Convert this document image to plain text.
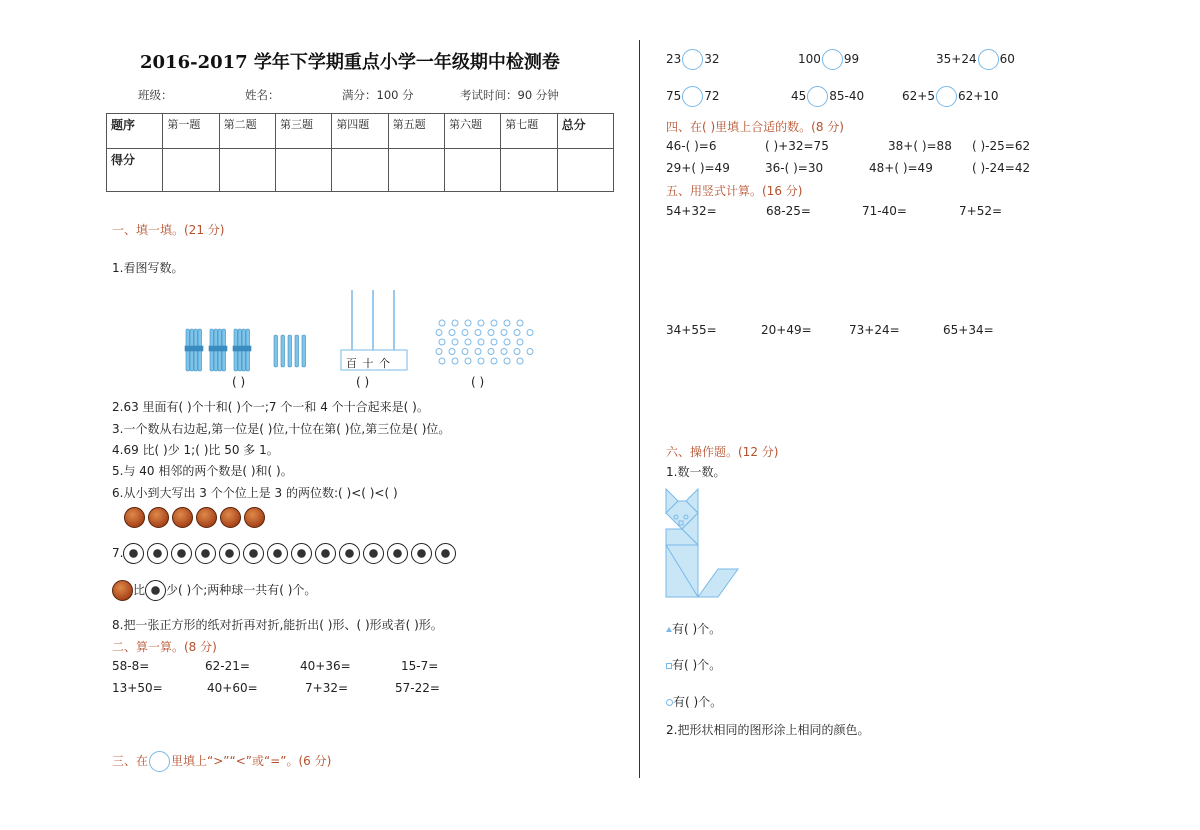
2016-2017 学年下学期重点小学一年级期中检测卷
班级：	姓名：	满分：100 分	考试时间：90 分钟
题序	第一题	第二题	第三题	第四题	第五题	第六题	第七题	总分
得分								
一、填一填。(21 分)
1.看图写数。
( )
百 十 个
( )	( )
2.63 里面有( )个十和( )个一;7 个一和 4 个十合起来是( )。
3.一个数从右边起,第一位是( )位,十位在第( )位,第三位是( )位。
4.69 比( )少 1;( )比 50 多 1。
5.与 40 相邻的两个数是( )和( )。
6.从小到大写出 3 个个位上是 3 的两位数:( )<( )<( )
7.
比 少( )个;两种球一共有( )个。
8.把一张正方形的纸对折再对折,能折出( )形、( )形或者( )形。
二、算一算。(8 分)
58-8=	62-21=	40+36=	15-7=
13+50=	40+60=	7+32=	57-22=
三、在 里填上“>”“<”或“=”。(6 分)
23 32	100 99	35+24 60
75 72	45 85-40	62+5 62+10
四、在( )里填上合适的数。(8 分)
46-( )=6	( )+32=75	38+( )=88 ( )-25=62
29+( )=49	36-( )=30	48+( )=49	( )-24=42
五、用竖式计算。(16 分)
54+32=	68-25=	71-40=	7+52=
34+55=	20+49=	73+24=	65+34=
六、操作题。(12 分)
1.数一数。
有( )个。
有( )个。
有( )个。
2.把形状相同的图形涂上相同的颜色。
